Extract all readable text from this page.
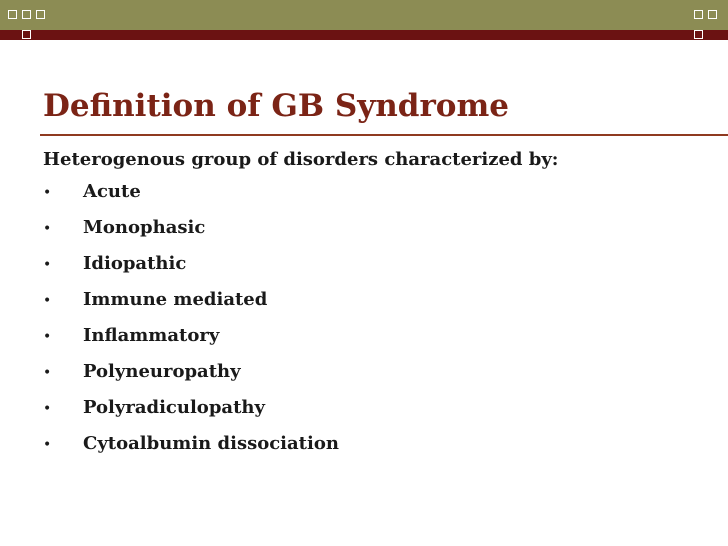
Definition of GB Syndrome
Heterogenous group of disorders characterized by:
• Acute
• Monophasic
• Idiopathic
• Immune mediated
• Inflammatory
• Polyneuropathy
• Polyradiculopathy
• Cytoalbumin dissociation
